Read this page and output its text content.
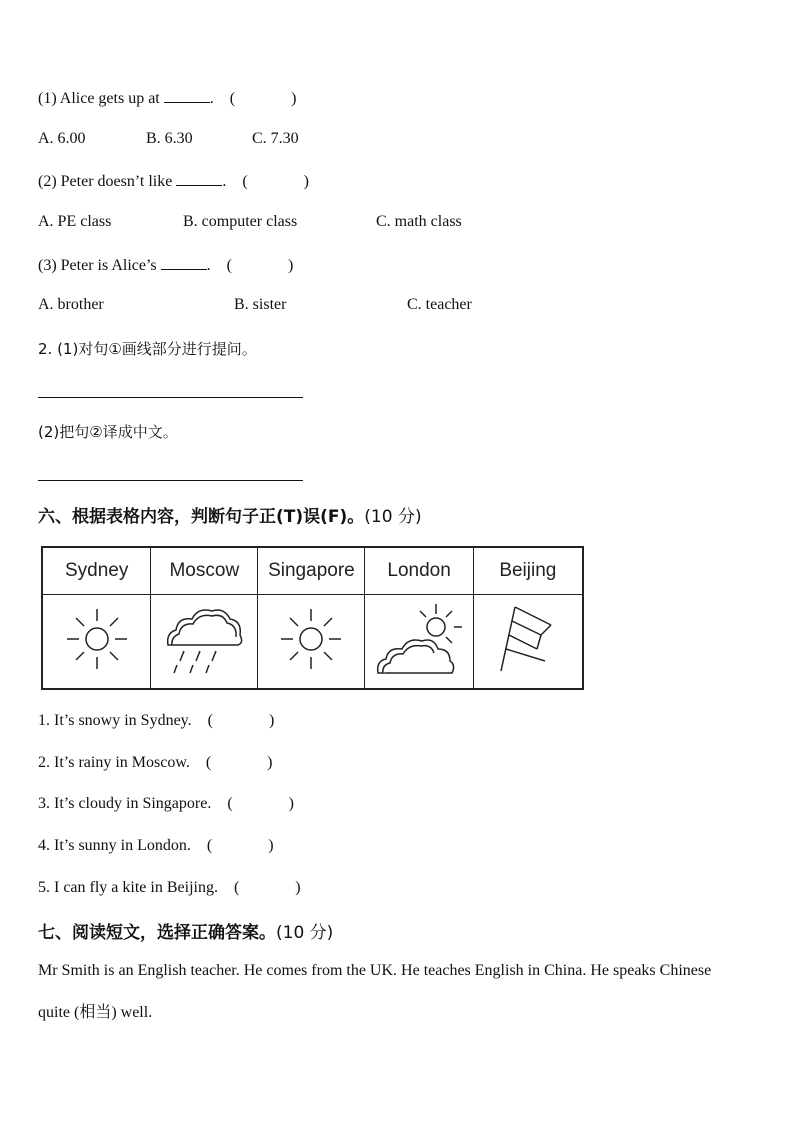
(1) Alice gets up at	. (	)
A. 6.00	B. 6.30	C. 7.30
(2) Peter doesn’t like	. (	)
A. PE class	B. computer class	C. math class
(3) Peter is Alice’s	. (	)
A. brother	B. sister	C. teacher
2. (1)对句①画线部分进行提问。
(2)把句②译成中文。
六、根据表格内容，判断句子正(T)误(F)。(10 分)
Sydney	Moscow	Singapore	London	Beijing

1. It’s snowy in Sydney. (	)
2. It’s rainy in Moscow. (	)
3. It’s cloudy in Singapore. (	)
4. It’s sunny in London. (	)
5. I can fly a kite in Beijing. (	)
七、阅读短文，选择正确答案。(10 分)
Mr Smith is an English teacher. He comes from the UK. He teaches English in China. He speaks Chinese quite (相当) well.
